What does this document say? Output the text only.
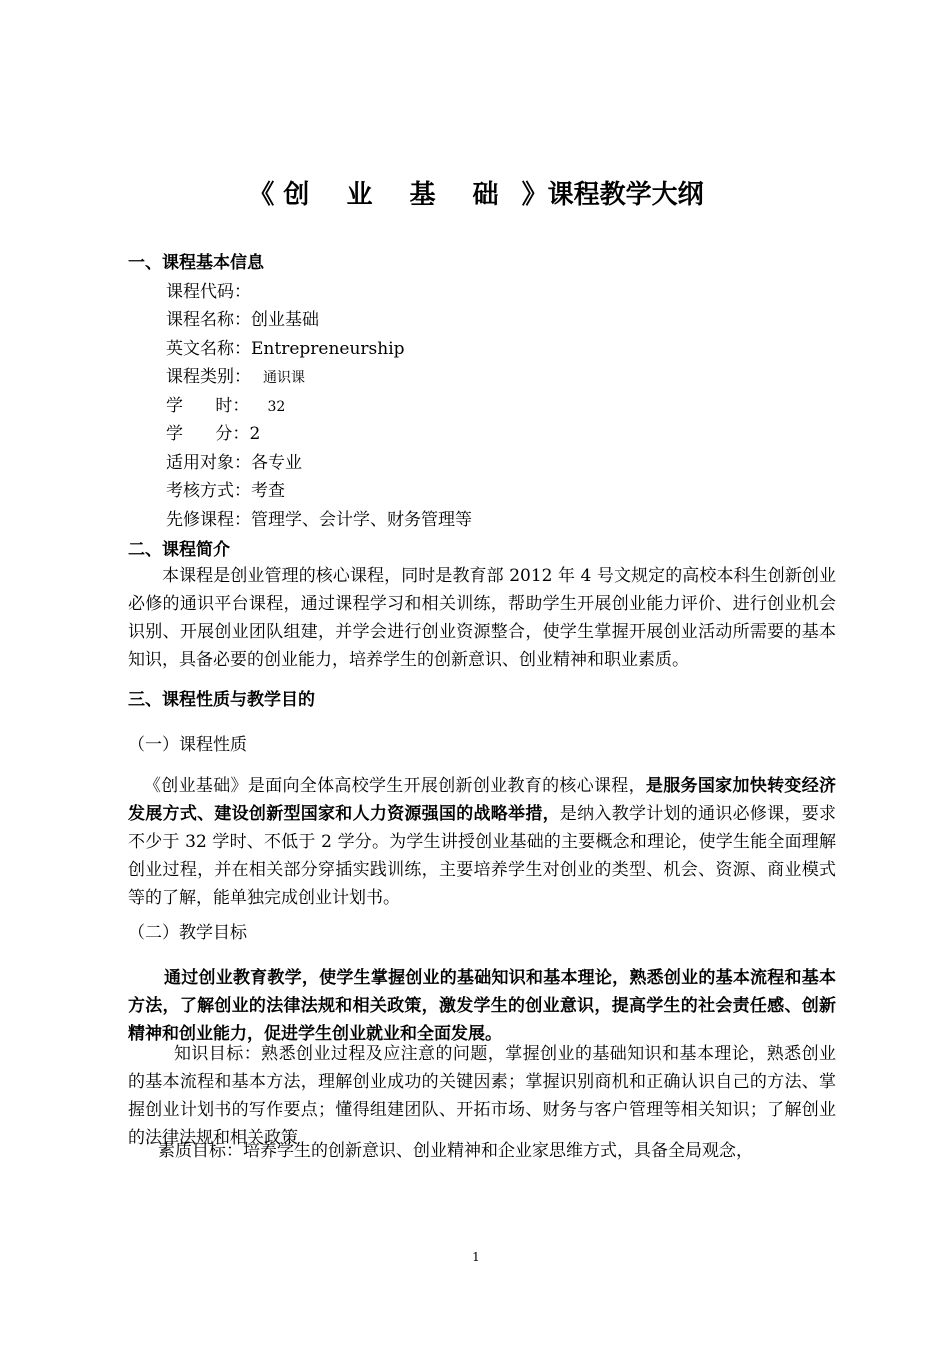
《 创 业 基 础 》课程教学大纲
一、课程基本信息
课程代码：
课程名称：创业基础
英文名称：Entrepreneurship
课程类别： 通识课
学      时： 32
学      分：2
适用对象：各专业
考核方式：考查
先修课程：管理学、会计学、财务管理等
二、课程简介

本课程是创业管理的核心课程，同时是教育部 2012 年 4 号文规定的高校本科生创新创业必修的通识平台课程，通过课程学习和相关训练，帮助学生开展创业能力评价、进行创业机会识别、开展创业团队组建，并学会进行创业资源整合，使学生掌握开展创业活动所需要的基本知识，具备必要的创业能力，培养学生的创新意识、创业精神和职业素质。

三、课程性质与教学目的
（一）课程性质

《创业基础》是面向全体高校学生开展创新创业教育的核心课程，是服务国家加快转变经济发展方式、建设创新型国家和人力资源强国的战略举措，是纳入教学计划的通识必修课，要求不少于 32 学时、不低于 2 学分。为学生讲授创业基础的主要概念和理论，使学生能全面理解创业过程，并在相关部分穿插实践训练，主要培养学生对创业的类型、机会、资源、商业模式等的了解，能单独完成创业计划书。

（二）教学目标

通过创业教育教学，使学生掌握创业的基础知识和基本理论，熟悉创业的基本流程和基本方法，了解创业的法律法规和相关政策，激发学生的创业意识，提高学生的社会责任感、创新精神和创业能力，促进学生创业就业和全面发展。

知识目标：熟悉创业过程及应注意的问题，掌握创业的基础知识和基本理论，熟悉创业的基本流程和基本方法，理解创业成功的关键因素；掌握识别商机和正确认识自己的方法、掌握创业计划书的写作要点；懂得组建团队、开拓市场、财务与客户管理等相关知识；了解创业的法律法规和相关政策

素质目标：培养学生的创新意识、创业精神和企业家思维方式，具备全局观念，

1
